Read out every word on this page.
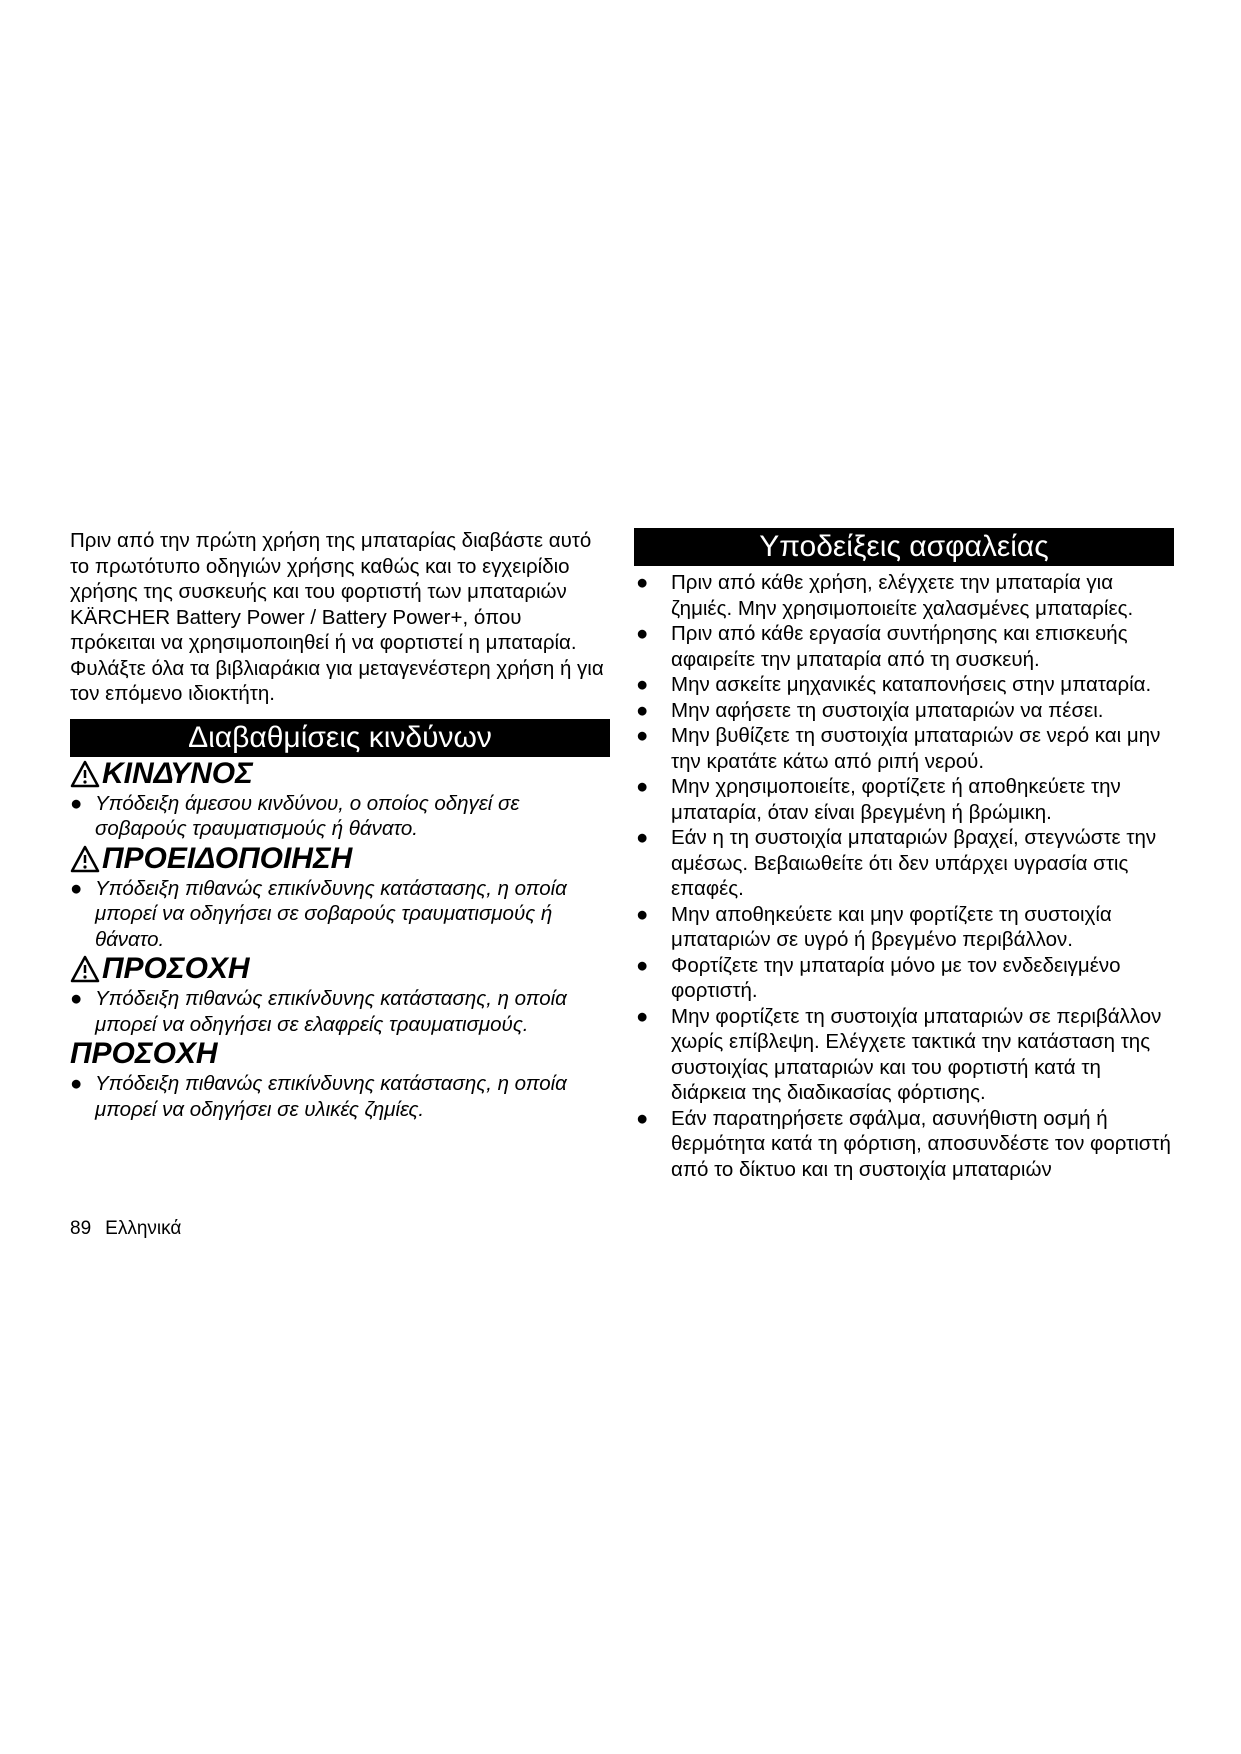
Πριν από την πρώτη χρήση της μπαταρίας διαβάστε αυτό το πρωτότυπο οδηγιών χρήσης καθώς και το εγχειρίδιο χρήσης της συσκευής και του φορτιστή των μπαταριών KÄRCHER Battery Power / Battery Power+, όπου πρόκειται να χρησιμοποιηθεί ή να φορτιστεί η μπαταρία.

Φυλάξτε όλα τα βιβλιαράκια για μεταγενέστερη χρήση ή για τον επόμενο ιδιοκτήτη.

Διαβαθμίσεις κινδύνων
ΚΙΝΔΥΝΟΣ

● Υπόδειξη άμεσου κινδύνου, ο οποίος οδηγεί σε σοβαρούς τραυματισμούς ή θάνατο.

ΠΡΟΕΙΔΟΠΟΙΗΣΗ

● Υπόδειξη πιθανώς επικίνδυνης κατάστασης, η οποία μπορεί να οδηγήσει σε σοβαρούς τραυματισμούς ή θάνατο.

ΠΡΟΣΟΧΗ

● Υπόδειξη πιθανώς επικίνδυνης κατάστασης, η οποία μπορεί να οδηγήσει σε ελαφρείς τραυματισμούς.

ΠΡΟΣΟΧΗ

● Υπόδειξη πιθανώς επικίνδυνης κατάστασης, η οποία μπορεί να οδηγήσει σε υλικές ζημίες.

Υποδείξεις ασφαλείας
● Πριν από κάθε χρήση, ελέγχετε την μπαταρία για ζημιές. Μην χρησιμοποιείτε χαλασμένες μπαταρίες.
● Πριν από κάθε εργασία συντήρησης και επισκευής αφαιρείτε την μπαταρία από τη συσκευή.
● Μην ασκείτε μηχανικές καταπονήσεις στην μπαταρία.
● Μην αφήσετε τη συστοιχία μπαταριών να πέσει.
● Μην βυθίζετε τη συστοιχία μπαταριών σε νερό και μην την κρατάτε κάτω από ριπή νερού.
● Μην χρησιμοποιείτε, φορτίζετε ή αποθηκεύετε την μπαταρία, όταν είναι βρεγμένη ή βρώμικη.
● Εάν η τη συστοιχία μπαταριών βραχεί, στεγνώστε την αμέσως. Βεβαιωθείτε ότι δεν υπάρχει υγρασία στις επαφές.
● Μην αποθηκεύετε και μην φορτίζετε τη συστοιχία μπαταριών σε υγρό ή βρεγμένο περιβάλλον.
● Φορτίζετε την μπαταρία μόνο με τον ενδεδειγμένο φορτιστή.
● Μην φορτίζετε τη συστοιχία μπαταριών σε περιβάλλον χωρίς επίβλεψη. Ελέγχετε τακτικά την κατάσταση της συστοιχίας μπαταριών και του φορτιστή κατά τη διάρκεια της διαδικασίας φόρτισης.
● Εάν παρατηρήσετε σφάλμα, ασυνήθιστη οσμή ή θερμότητα κατά τη φόρτιση, αποσυνδέστε τον φορτιστή από το δίκτυο και τη συστοιχία μπαταριών
89 Ελληνικά
